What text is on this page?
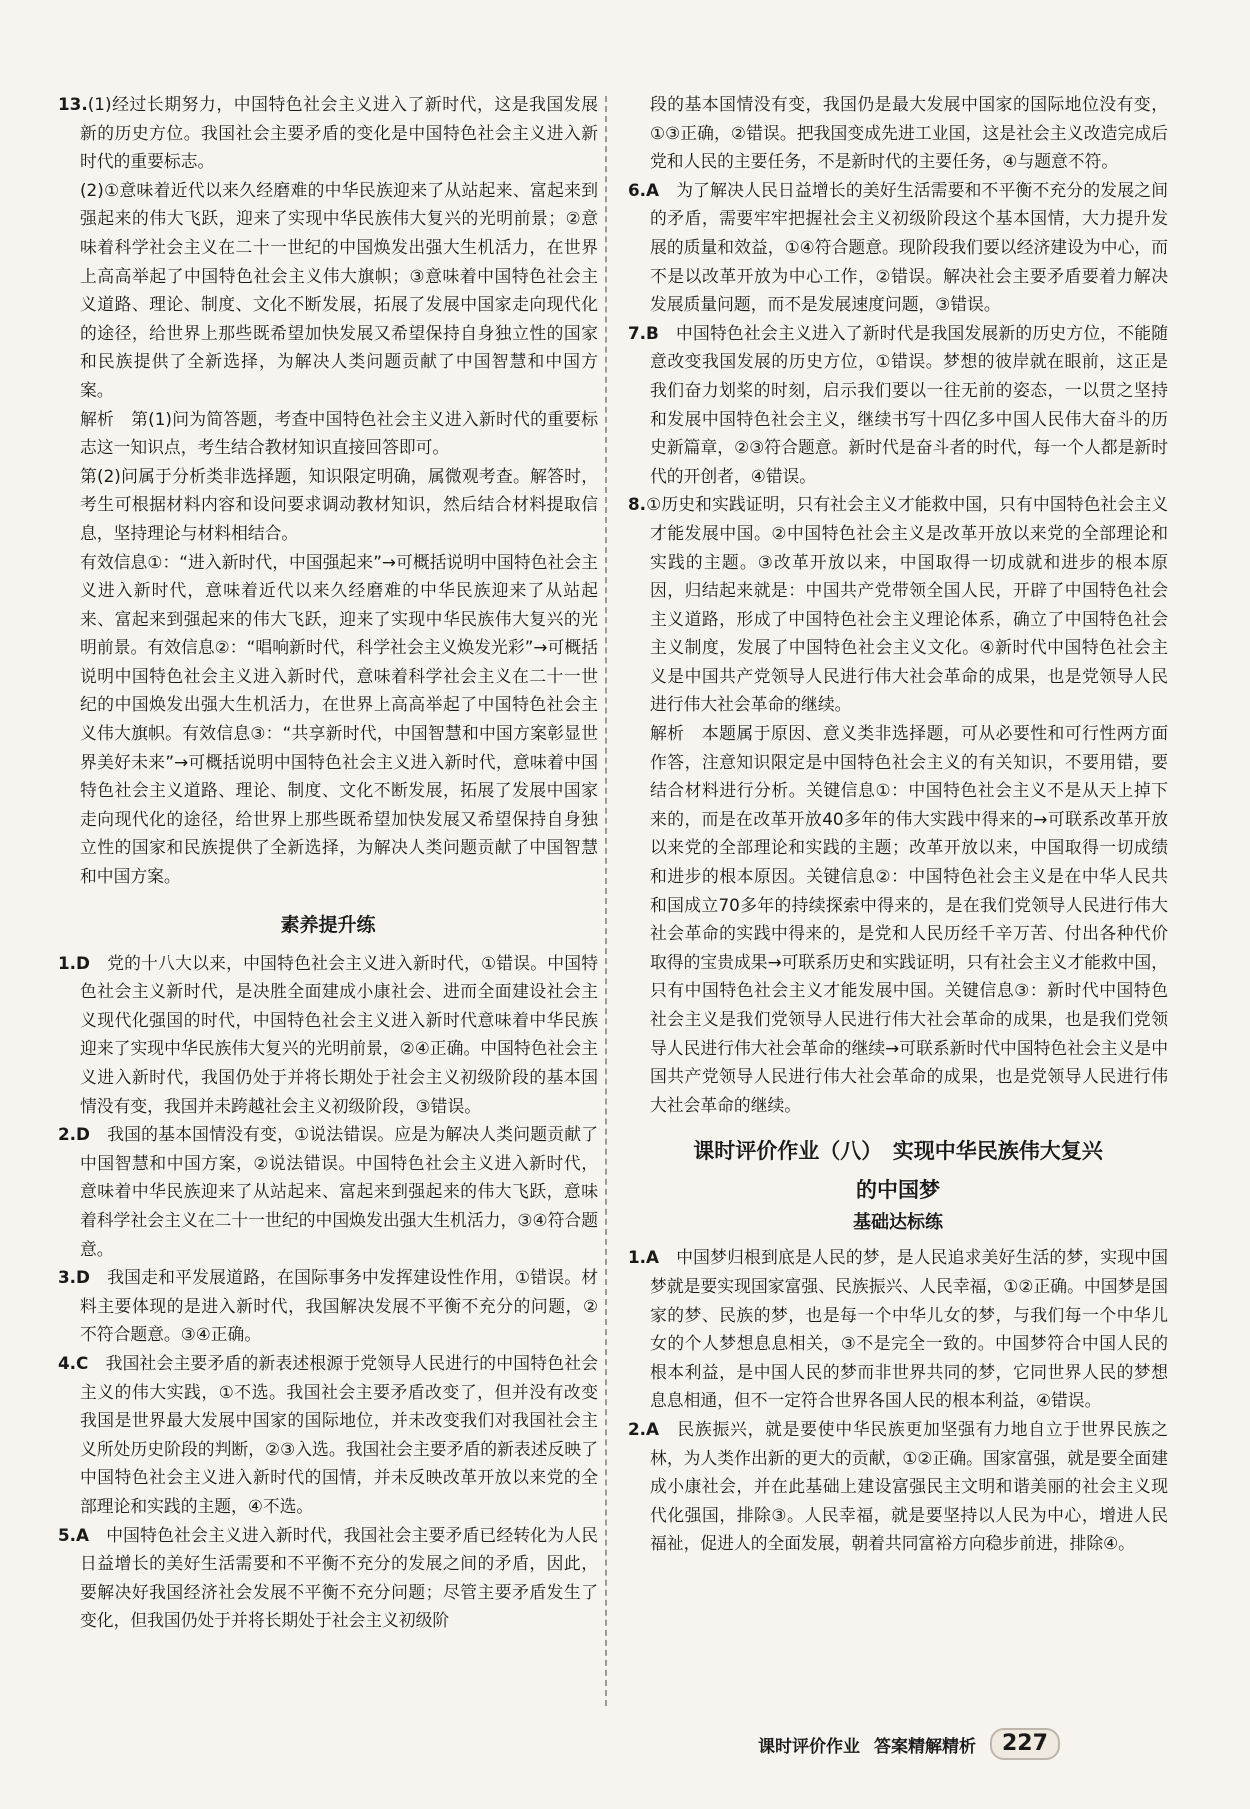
13.(1)经过长期努力，中国特色社会主义进入了新时代，这是我国发展新的历史方位。我国社会主要矛盾的变化是中国特色社会主义进入新时代的重要标志。

(2)①意味着近代以来久经磨难的中华民族迎来了从站起来、富起来到强起来的伟大飞跃，迎来了实现中华民族伟大复兴的光明前景；②意味着科学社会主义在二十一世纪的中国焕发出强大生机活力，在世界上高高举起了中国特色社会主义伟大旗帜；③意味着中国特色社会主义道路、理论、制度、文化不断发展，拓展了发展中国家走向现代化的途径，给世界上那些既希望加快发展又希望保持自身独立性的国家和民族提供了全新选择，为解决人类问题贡献了中国智慧和中国方案。

解析　第(1)问为简答题，考查中国特色社会主义进入新时代的重要标志这一知识点，考生结合教材知识直接回答即可。

第(2)问属于分析类非选择题，知识限定明确，属微观考查。解答时，考生可根据材料内容和设问要求调动教材知识，然后结合材料提取信息，坚持理论与材料相结合。

有效信息①：“进入新时代，中国强起来”→可概括说明中国特色社会主义进入新时代，意味着近代以来久经磨难的中华民族迎来了从站起来、富起来到强起来的伟大飞跃，迎来了实现中华民族伟大复兴的光明前景。有效信息②：“唱响新时代，科学社会主义焕发光彩”→可概括说明中国特色社会主义进入新时代，意味着科学社会主义在二十一世纪的中国焕发出强大生机活力，在世界上高高举起了中国特色社会主义伟大旗帜。有效信息③：“共享新时代，中国智慧和中国方案彰显世界美好未来”→可概括说明中国特色社会主义进入新时代，意味着中国特色社会主义道路、理论、制度、文化不断发展，拓展了发展中国家走向现代化的途径，给世界上那些既希望加快发展又希望保持自身独立性的国家和民族提供了全新选择，为解决人类问题贡献了中国智慧和中国方案。

素养提升练

1.D　 党的十八大以来，中国特色社会主义进入新时代，①错误。中国特色社会主义新时代，是决胜全面建成小康社会、进而全面建设社会主义现代化强国的时代，中国特色社会主义进入新时代意味着中华民族迎来了实现中华民族伟大复兴的光明前景，②④正确。中国特色社会主义进入新时代，我国仍处于并将长期处于社会主义初级阶段的基本国情没有变，我国并未跨越社会主义初级阶段，③错误。

2.D　 我国的基本国情没有变，①说法错误。应是为解决人类问题贡献了中国智慧和中国方案，②说法错误。中国特色社会主义进入新时代，意味着中华民族迎来了从站起来、富起来到强起来的伟大飞跃，意味着科学社会主义在二十一世纪的中国焕发出强大生机活力，③④符合题意。

3.D　 我国走和平发展道路，在国际事务中发挥建设性作用，①错误。材料主要体现的是进入新时代，我国解决发展不平衡不充分的问题，②不符合题意。③④正确。

4.C　 我国社会主要矛盾的新表述根源于党领导人民进行的中国特色社会主义的伟大实践，①不选。我国社会主要矛盾改变了，但并没有改变我国是世界最大发展中国家的国际地位，并未改变我们对我国社会主义所处历史阶段的判断，②③入选。我国社会主要矛盾的新表述反映了中国特色社会主义进入新时代的国情，并未反映改革开放以来党的全部理论和实践的主题，④不选。

5.A　 中国特色社会主义进入新时代，我国社会主要矛盾已经转化为人民日益增长的美好生活需要和不平衡不充分的发展之间的矛盾，因此，要解决好我国经济社会发展不平衡不充分问题；尽管主要矛盾发生了变化，但我国仍处于并将长期处于社会主义初级阶

段的基本国情没有变，我国仍是最大发展中国家的国际地位没有变，①③正确，②错误。把我国变成先进工业国，这是社会主义改造完成后党和人民的主要任务，不是新时代的主要任务，④与题意不符。

6.A　 为了解决人民日益增长的美好生活需要和不平衡不充分的发展之间的矛盾，需要牢牢把握社会主义初级阶段这个基本国情，大力提升发展的质量和效益，①④符合题意。现阶段我们要以经济建设为中心，而不是以改革开放为中心工作，②错误。解决社会主要矛盾要着力解决发展质量问题，而不是发展速度问题，③错误。

7.B　 中国特色社会主义进入了新时代是我国发展新的历史方位，不能随意改变我国发展的历史方位，①错误。梦想的彼岸就在眼前，这正是我们奋力划桨的时刻，启示我们要以一往无前的姿态，一以贯之坚持和发展中国特色社会主义，继续书写十四亿多中国人民伟大奋斗的历史新篇章，②③符合题意。新时代是奋斗者的时代，每一个人都是新时代的开创者，④错误。

8.①历史和实践证明，只有社会主义才能救中国，只有中国特色社会主义才能发展中国。②中国特色社会主义是改革开放以来党的全部理论和实践的主题。③改革开放以来，中国取得一切成就和进步的根本原因，归结起来就是：中国共产党带领全国人民，开辟了中国特色社会主义道路，形成了中国特色社会主义理论体系，确立了中国特色社会主义制度，发展了中国特色社会主义文化。④新时代中国特色社会主义是中国共产党领导人民进行伟大社会革命的成果，也是党领导人民进行伟大社会革命的继续。

解析　本题属于原因、意义类非选择题，可从必要性和可行性两方面作答，注意知识限定是中国特色社会主义的有关知识，不要用错，要结合材料进行分析。关键信息①：中国特色社会主义不是从天上掉下来的，而是在改革开放40多年的伟大实践中得来的→可联系改革开放以来党的全部理论和实践的主题；改革开放以来，中国取得一切成绩和进步的根本原因。关键信息②：中国特色社会主义是在中华人民共和国成立70多年的持续探索中得来的，是在我们党领导人民进行伟大社会革命的实践中得来的，是党和人民历经千辛万苦、付出各种代价取得的宝贵成果→可联系历史和实践证明，只有社会主义才能救中国，只有中国特色社会主义才能发展中国。关键信息③：新时代中国特色社会主义是我们党领导人民进行伟大社会革命的成果，也是我们党领导人民进行伟大社会革命的继续→可联系新时代中国特色社会主义是中国共产党领导人民进行伟大社会革命的成果，也是党领导人民进行伟大社会革命的继续。

课时评价作业（八）　实现中华民族伟大复兴
的中国梦
基础达标练

1.A　 中国梦归根到底是人民的梦，是人民追求美好生活的梦，实现中国梦就是要实现国家富强、民族振兴、人民幸福，①②正确。中国梦是国家的梦、民族的梦，也是每一个中华儿女的梦，与我们每一个中华儿女的个人梦想息息相关，③不是完全一致的。中国梦符合中国人民的根本利益，是中国人民的梦而非世界共同的梦，它同世界人民的梦想息息相通，但不一定符合世界各国人民的根本利益，④错误。

2.A　 民族振兴，就是要使中华民族更加坚强有力地自立于世界民族之林，为人类作出新的更大的贡献，①②正确。国家富强，就是要全面建成小康社会，并在此基础上建设富强民主文明和谐美丽的社会主义现代化强国，排除③。人民幸福，就是要坚持以人民为中心，增进人民福祉，促进人的全面发展，朝着共同富裕方向稳步前进，排除④。

课时评价作业 答案精解精析	227
